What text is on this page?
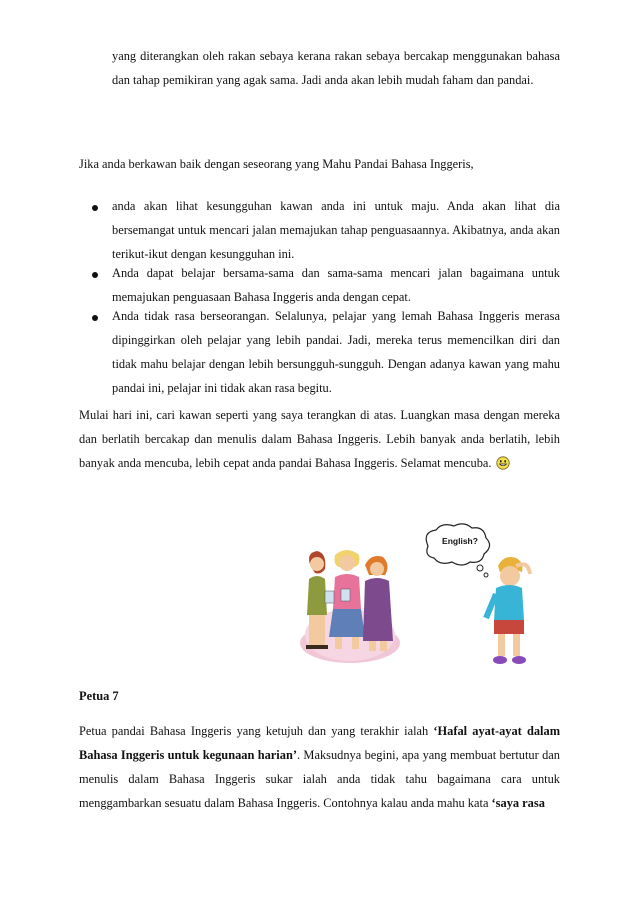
yang diterangkan oleh rakan sebaya kerana rakan sebaya bercakap menggunakan bahasa dan tahap pemikiran yang agak sama. Jadi anda akan lebih mudah faham dan pandai.

Jika anda berkawan baik dengan seseorang yang Mahu Pandai Bahasa Inggeris,

anda akan lihat kesungguhan kawan anda ini untuk maju. Anda akan lihat dia bersemangat untuk mencari jalan memajukan tahap penguasaannya. Akibatnya, anda akan terikut-ikut dengan kesungguhan ini.

Anda dapat belajar bersama-sama dan sama-sama mencari jalan bagaimana untuk memajukan penguasaan Bahasa Inggeris anda dengan cepat.

Anda tidak rasa berseorangan. Selalunya, pelajar yang lemah Bahasa Inggeris merasa dipinggirkan oleh pelajar yang lebih pandai. Jadi, mereka terus memencilkan diri dan tidak mahu belajar dengan lebih bersungguh-sungguh. Dengan adanya kawan yang mahu pandai ini, pelajar ini tidak akan rasa begitu.

Mulai hari ini, cari kawan seperti yang saya terangkan di atas. Luangkan masa dengan mereka dan berlatih bercakap dan menulis dalam Bahasa Inggeris. Lebih banyak anda berlatih, lebih banyak anda mencuba, lebih cepat anda pandai Bahasa Inggeris. Selamat mencuba.

English?
Petua 7

Petua pandai Bahasa Inggeris yang ketujuh dan yang terakhir ialah ‘Hafal ayat-ayat dalam Bahasa Inggeris untuk kegunaan harian’. Maksudnya begini, apa yang membuat bertutur dan menulis dalam Bahasa Inggeris sukar ialah anda tidak tahu bagaimana cara untuk menggambarkan sesuatu dalam Bahasa Inggeris. Contohnya kalau anda mahu kata ‘saya rasa
